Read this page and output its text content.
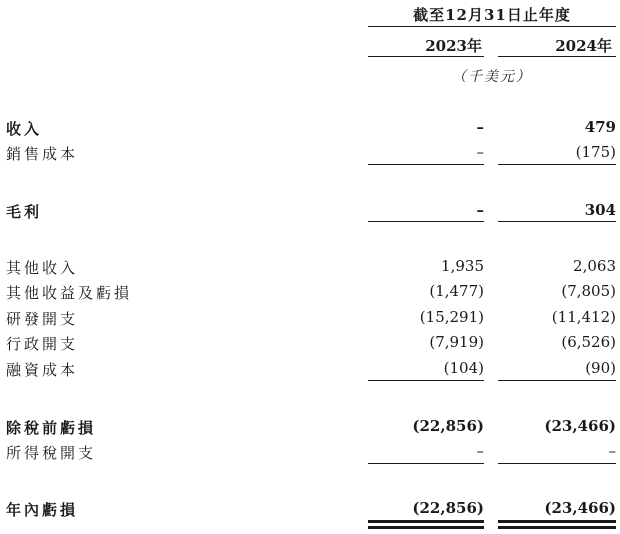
截至12月31日止年度
2023年	2024年
（千美元）
收入	–	479
銷售成本	–	(175)
毛利	–	304
其他收入	1,935	2,063
其他收益及虧損	(1,477)	(7,805)
研發開支	(15,291)	(11,412)
行政開支	(7,919)	(6,526)
融資成本	(104)	(90)
除稅前虧損	(22,856)	(23,466)
所得稅開支	–	–
年內虧損	(22,856)	(23,466)
